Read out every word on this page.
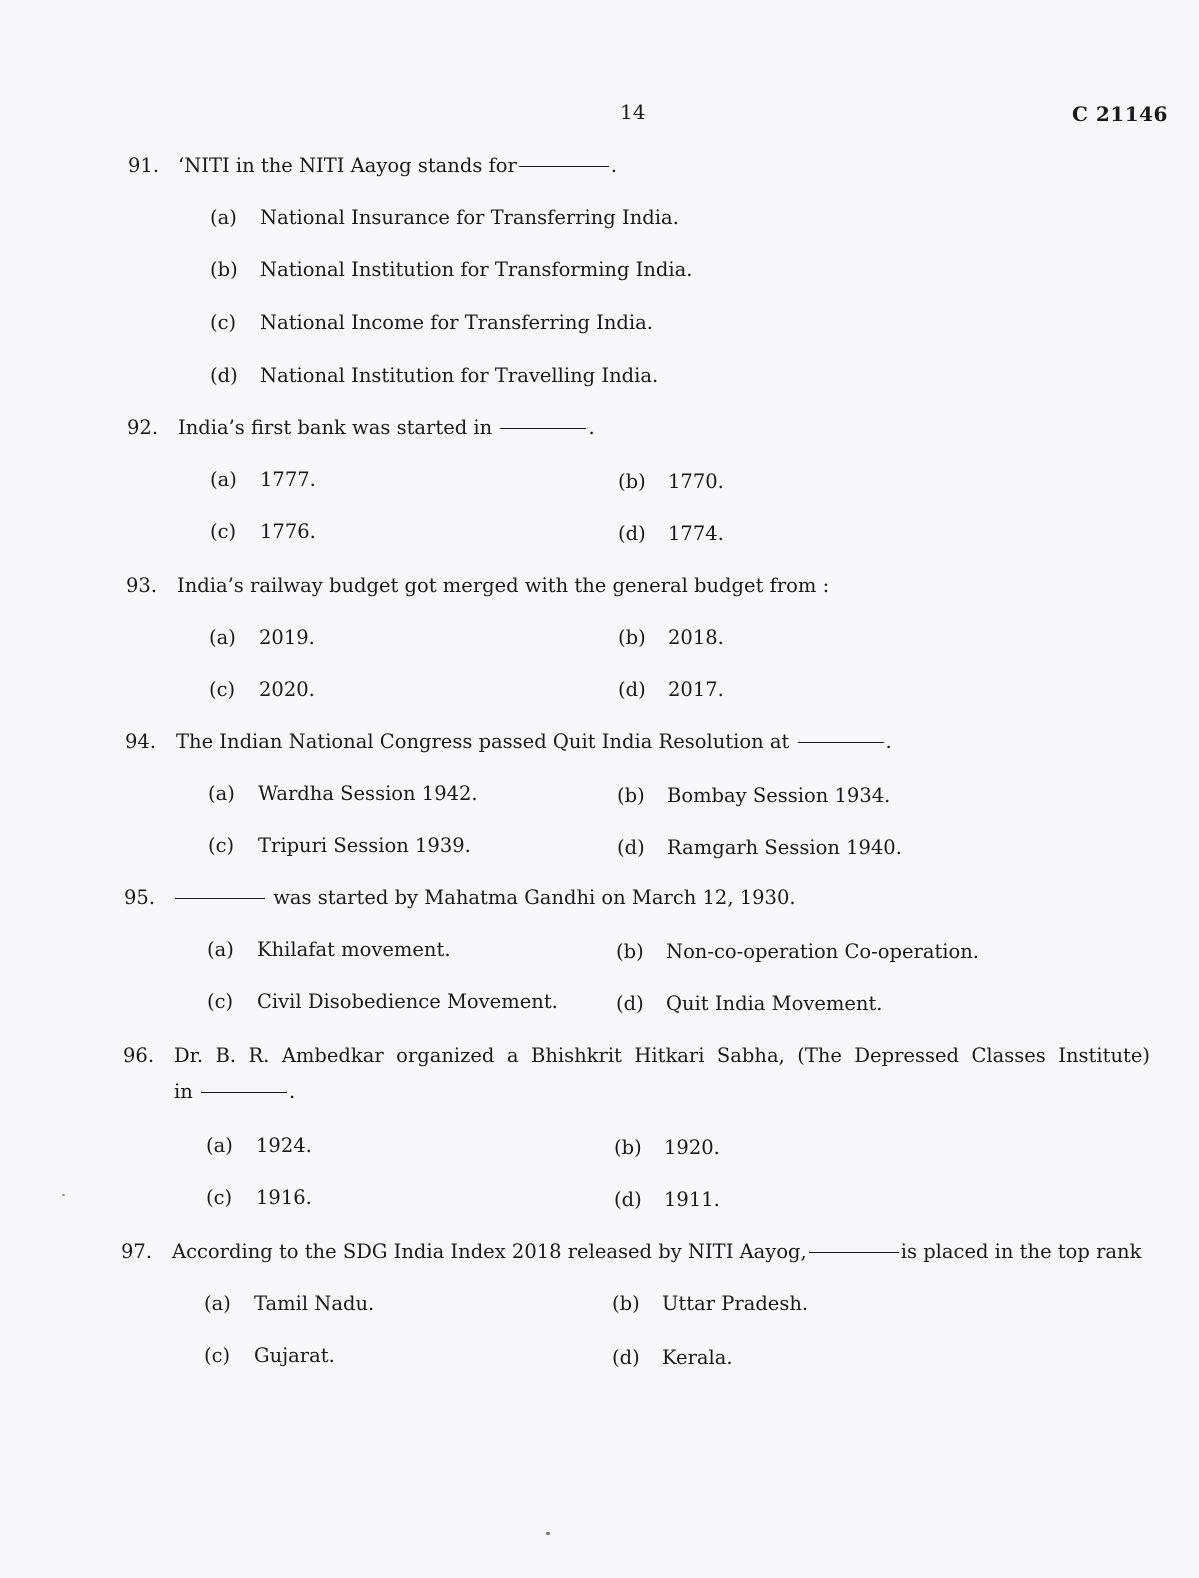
14	C 21146
91. ‘NITI in the NITI Aayog stands for	.
(a) National Insurance for Transferring India.
(b) National Institution for Transforming India.
(c) National Income for Transferring India.
(d) National Institution for Travelling India.
92. India’s first bank was started in	.
(a) 1777.	(b) 1770.
(c) 1776.	(d) 1774.
93. India’s railway budget got merged with the general budget from :
(a) 2019.	(b) 2018.
(c) 2020.	(d) 2017.
94. The Indian National Congress passed Quit India Resolution at	.
(a) Wardha Session 1942.	(b) Bombay Session 1934.
(c) Tripuri Session 1939.	(d) Ramgarh Session 1940.
95.	was started by Mahatma Gandhi on March 12, 1930.
(a) Khilafat movement.	(b) Non-co-operation Co-operation.
(c) Civil Disobedience Movement.	(d) Quit India Movement.
96. Dr. B. R. Ambedkar organized a Bhishkrit Hitkari Sabha, (The Depressed Classes Institute)
in	.
(a) 1924.	(b) 1920.
(c) 1916.	(d) 1911.
97. According to the SDG India Index 2018 released by NITI Aayog,	is placed in the top rank
(a) Tamil Nadu.	(b) Uttar Pradesh.
(c) Gujarat.	(d) Kerala.
